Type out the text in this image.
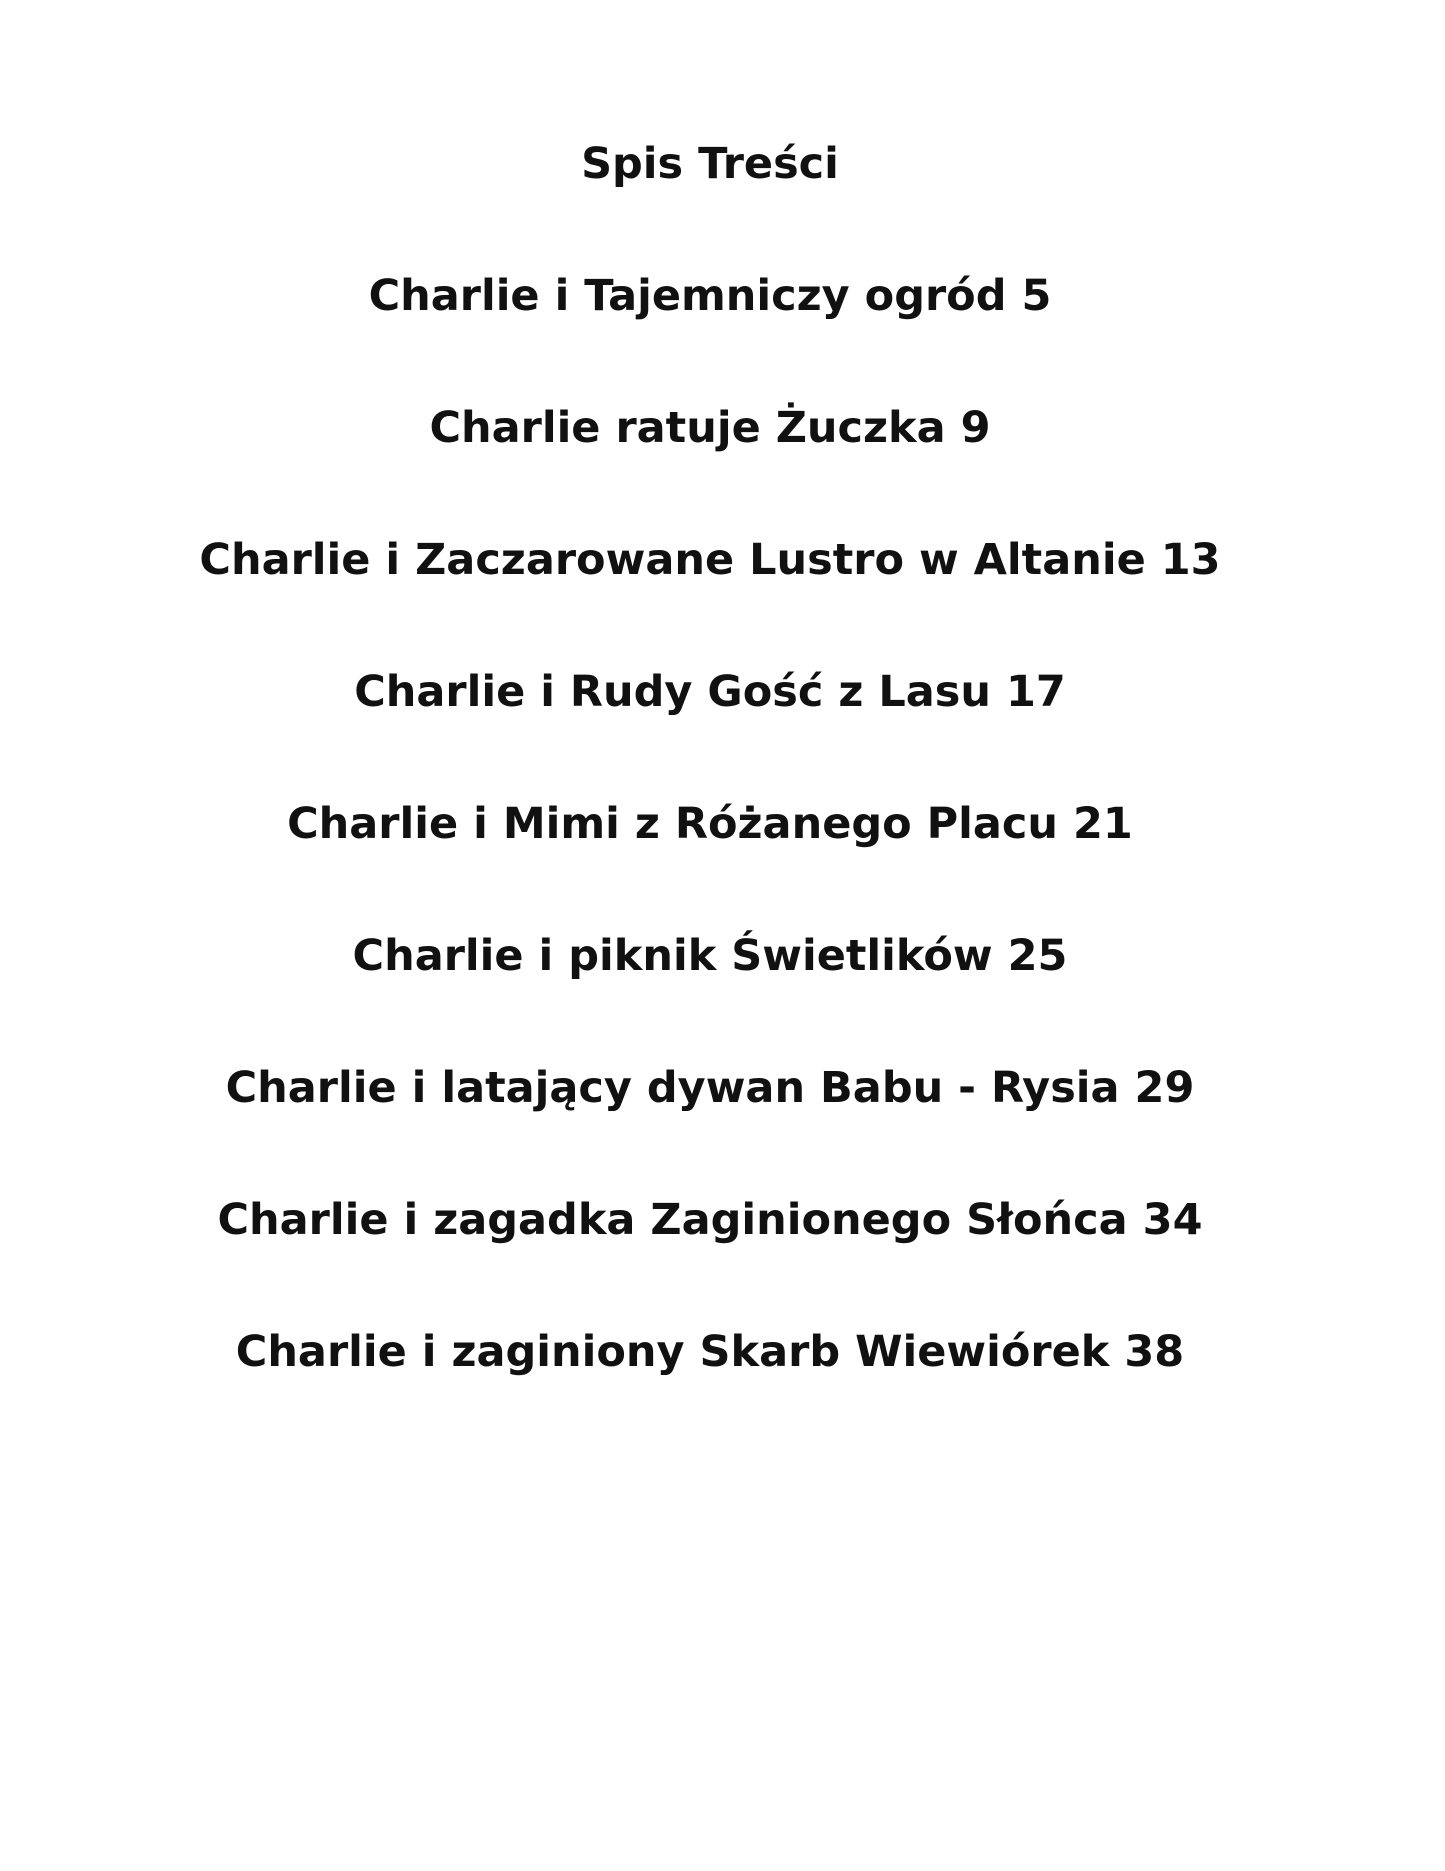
Spis Treści
Charlie i Tajemniczy ogród 5
Charlie ratuje Żuczka 9
Charlie i Zaczarowane Lustro w Altanie 13
Charlie i Rudy Gość z Lasu 17
Charlie i Mimi z Różanego Placu 21
Charlie i piknik Świetlików 25
Charlie i latający dywan Babu - Rysia 29
Charlie i zagadka Zaginionego Słońca 34
Charlie i zaginiony Skarb Wiewiórek 38
